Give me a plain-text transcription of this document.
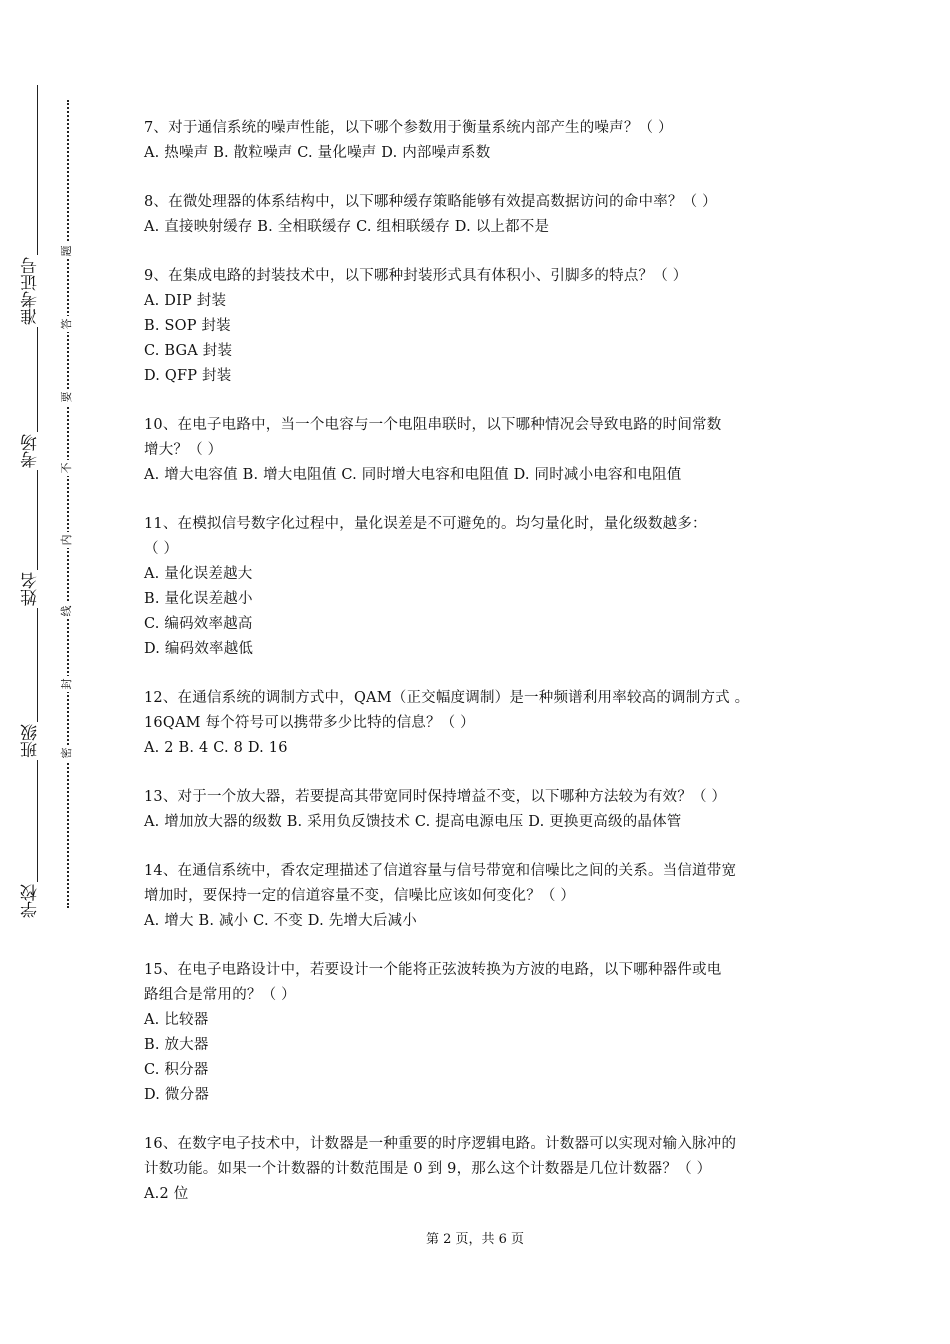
准考证号
考场
姓名
班级
学校
题
答
要
不
内
线
封
密
7、对于通信系统的噪声性能，以下哪个参数用于衡量系统内部产生的噪声？（ ）
A. 热噪声 B. 散粒噪声 C. 量化噪声 D. 内部噪声系数
8、在微处理器的体系结构中，以下哪种缓存策略能够有效提高数据访问的命中率？（ ）
A. 直接映射缓存 B. 全相联缓存 C. 组相联缓存 D. 以上都不是
9、在集成电路的封装技术中，以下哪种封装形式具有体积小、引脚多的特点？（ ）
A. DIP 封装
B. SOP 封装
C. BGA 封装
D. QFP 封装
10、在电子电路中，当一个电容与一个电阻串联时，以下哪种情况会导致电路的时间常数
增大？（ ）
A. 增大电容值 B. 增大电阻值 C. 同时增大电容和电阻值 D. 同时减小电容和电阻值
11、在模拟信号数字化过程中，量化误差是不可避免的。均匀量化时，量化级数越多：
（ ）
A. 量化误差越大
B. 量化误差越小
C. 编码效率越高
D. 编码效率越低
12、在通信系统的调制方式中，QAM（正交幅度调制）是一种频谱利用率较高的调制方式 。
16QAM 每个符号可以携带多少比特的信息？（ ）
A. 2 B. 4 C. 8 D. 16
13、对于一个放大器，若要提高其带宽同时保持增益不变，以下哪种方法较为有效？（ ）
A. 增加放大器的级数 B. 采用负反馈技术 C. 提高电源电压 D. 更换更高级的晶体管
14、在通信系统中，香农定理描述了信道容量与信号带宽和信噪比之间的关系。当信道带宽
增加时，要保持一定的信道容量不变，信噪比应该如何变化？（ ）
A. 增大 B. 减小 C. 不变 D. 先增大后减小
15、在电子电路设计中，若要设计一个能将正弦波转换为方波的电路，以下哪种器件或电
路组合是常用的？（ ）
A. 比较器
B. 放大器
C. 积分器
D. 微分器
16、在数字电子技术中，计数器是一种重要的时序逻辑电路。计数器可以实现对输入脉冲的
计数功能。如果一个计数器的计数范围是 0 到 9，那么这个计数器是几位计数器？（ ）
A.2 位
第 2 页，共 6 页
